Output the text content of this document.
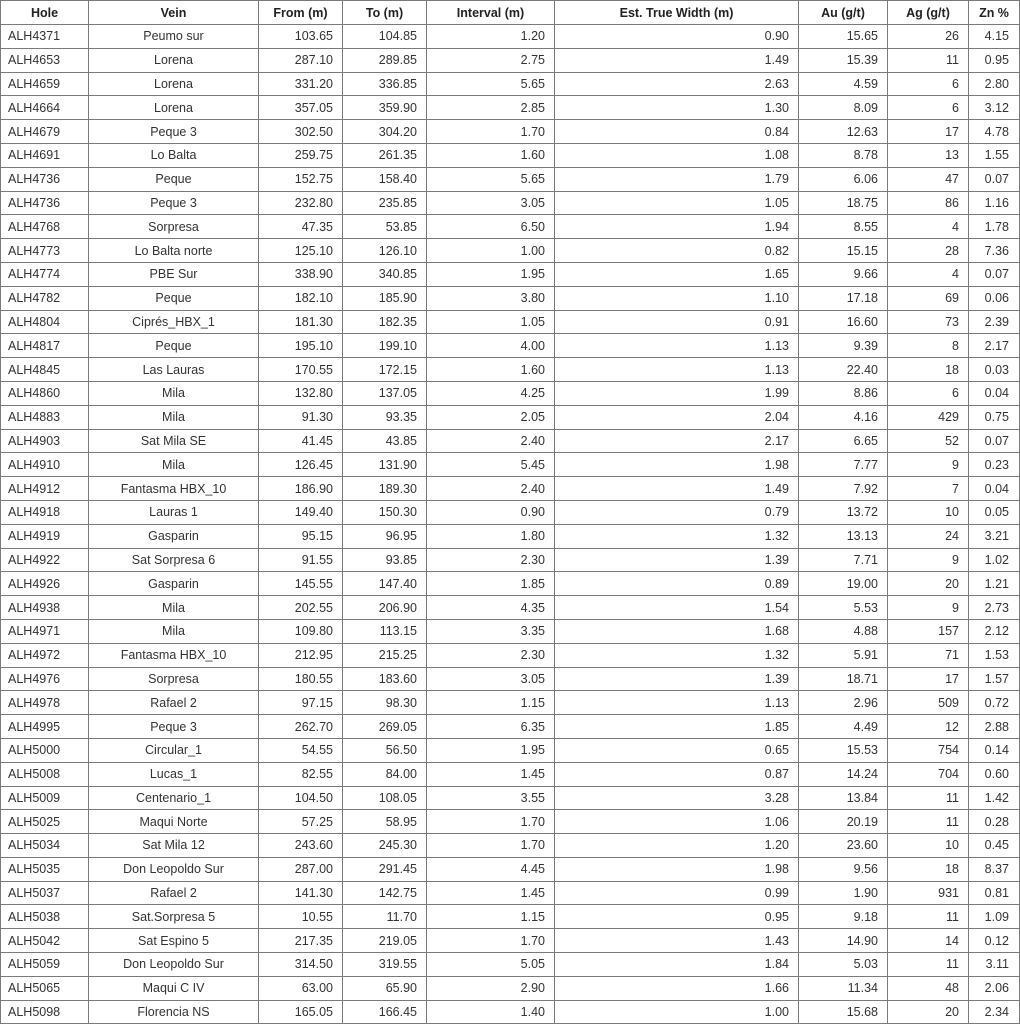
Hole	Vein	From (m)	To (m)	Interval (m)	Est. True Width (m)	Au (g/t)	Ag (g/t)	Zn %
ALH4371	Peumo sur	103.65	104.85	1.20	0.90	15.65	26	4.15
ALH4653	Lorena	287.10	289.85	2.75	1.49	15.39	11	0.95
ALH4659	Lorena	331.20	336.85	5.65	2.63	4.59	6	2.80
ALH4664	Lorena	357.05	359.90	2.85	1.30	8.09	6	3.12
ALH4679	Peque 3	302.50	304.20	1.70	0.84	12.63	17	4.78
ALH4691	Lo Balta	259.75	261.35	1.60	1.08	8.78	13	1.55
ALH4736	Peque	152.75	158.40	5.65	1.79	6.06	47	0.07
ALH4736	Peque 3	232.80	235.85	3.05	1.05	18.75	86	1.16
ALH4768	Sorpresa	47.35	53.85	6.50	1.94	8.55	4	1.78
ALH4773	Lo Balta norte	125.10	126.10	1.00	0.82	15.15	28	7.36
ALH4774	PBE Sur	338.90	340.85	1.95	1.65	9.66	4	0.07
ALH4782	Peque	182.10	185.90	3.80	1.10	17.18	69	0.06
ALH4804	Ciprés_HBX_1	181.30	182.35	1.05	0.91	16.60	73	2.39
ALH4817	Peque	195.10	199.10	4.00	1.13	9.39	8	2.17
ALH4845	Las Lauras	170.55	172.15	1.60	1.13	22.40	18	0.03
ALH4860	Mila	132.80	137.05	4.25	1.99	8.86	6	0.04
ALH4883	Mila	91.30	93.35	2.05	2.04	4.16	429	0.75
ALH4903	Sat Mila SE	41.45	43.85	2.40	2.17	6.65	52	0.07
ALH4910	Mila	126.45	131.90	5.45	1.98	7.77	9	0.23
ALH4912	Fantasma HBX_10	186.90	189.30	2.40	1.49	7.92	7	0.04
ALH4918	Lauras 1	149.40	150.30	0.90	0.79	13.72	10	0.05
ALH4919	Gasparin	95.15	96.95	1.80	1.32	13.13	24	3.21
ALH4922	Sat Sorpresa 6	91.55	93.85	2.30	1.39	7.71	9	1.02
ALH4926	Gasparin	145.55	147.40	1.85	0.89	19.00	20	1.21
ALH4938	Mila	202.55	206.90	4.35	1.54	5.53	9	2.73
ALH4971	Mila	109.80	113.15	3.35	1.68	4.88	157	2.12
ALH4972	Fantasma HBX_10	212.95	215.25	2.30	1.32	5.91	71	1.53
ALH4976	Sorpresa	180.55	183.60	3.05	1.39	18.71	17	1.57
ALH4978	Rafael 2	97.15	98.30	1.15	1.13	2.96	509	0.72
ALH4995	Peque 3	262.70	269.05	6.35	1.85	4.49	12	2.88
ALH5000	Circular_1	54.55	56.50	1.95	0.65	15.53	754	0.14
ALH5008	Lucas_1	82.55	84.00	1.45	0.87	14.24	704	0.60
ALH5009	Centenario_1	104.50	108.05	3.55	3.28	13.84	11	1.42
ALH5025	Maqui Norte	57.25	58.95	1.70	1.06	20.19	11	0.28
ALH5034	Sat Mila 12	243.60	245.30	1.70	1.20	23.60	10	0.45
ALH5035	Don Leopoldo Sur	287.00	291.45	4.45	1.98	9.56	18	8.37
ALH5037	Rafael 2	141.30	142.75	1.45	0.99	1.90	931	0.81
ALH5038	Sat.Sorpresa 5	10.55	11.70	1.15	0.95	9.18	11	1.09
ALH5042	Sat Espino 5	217.35	219.05	1.70	1.43	14.90	14	0.12
ALH5059	Don Leopoldo Sur	314.50	319.55	5.05	1.84	5.03	11	3.11
ALH5065	Maqui C IV	63.00	65.90	2.90	1.66	11.34	48	2.06
ALH5098	Florencia NS	165.05	166.45	1.40	1.00	15.68	20	2.34
